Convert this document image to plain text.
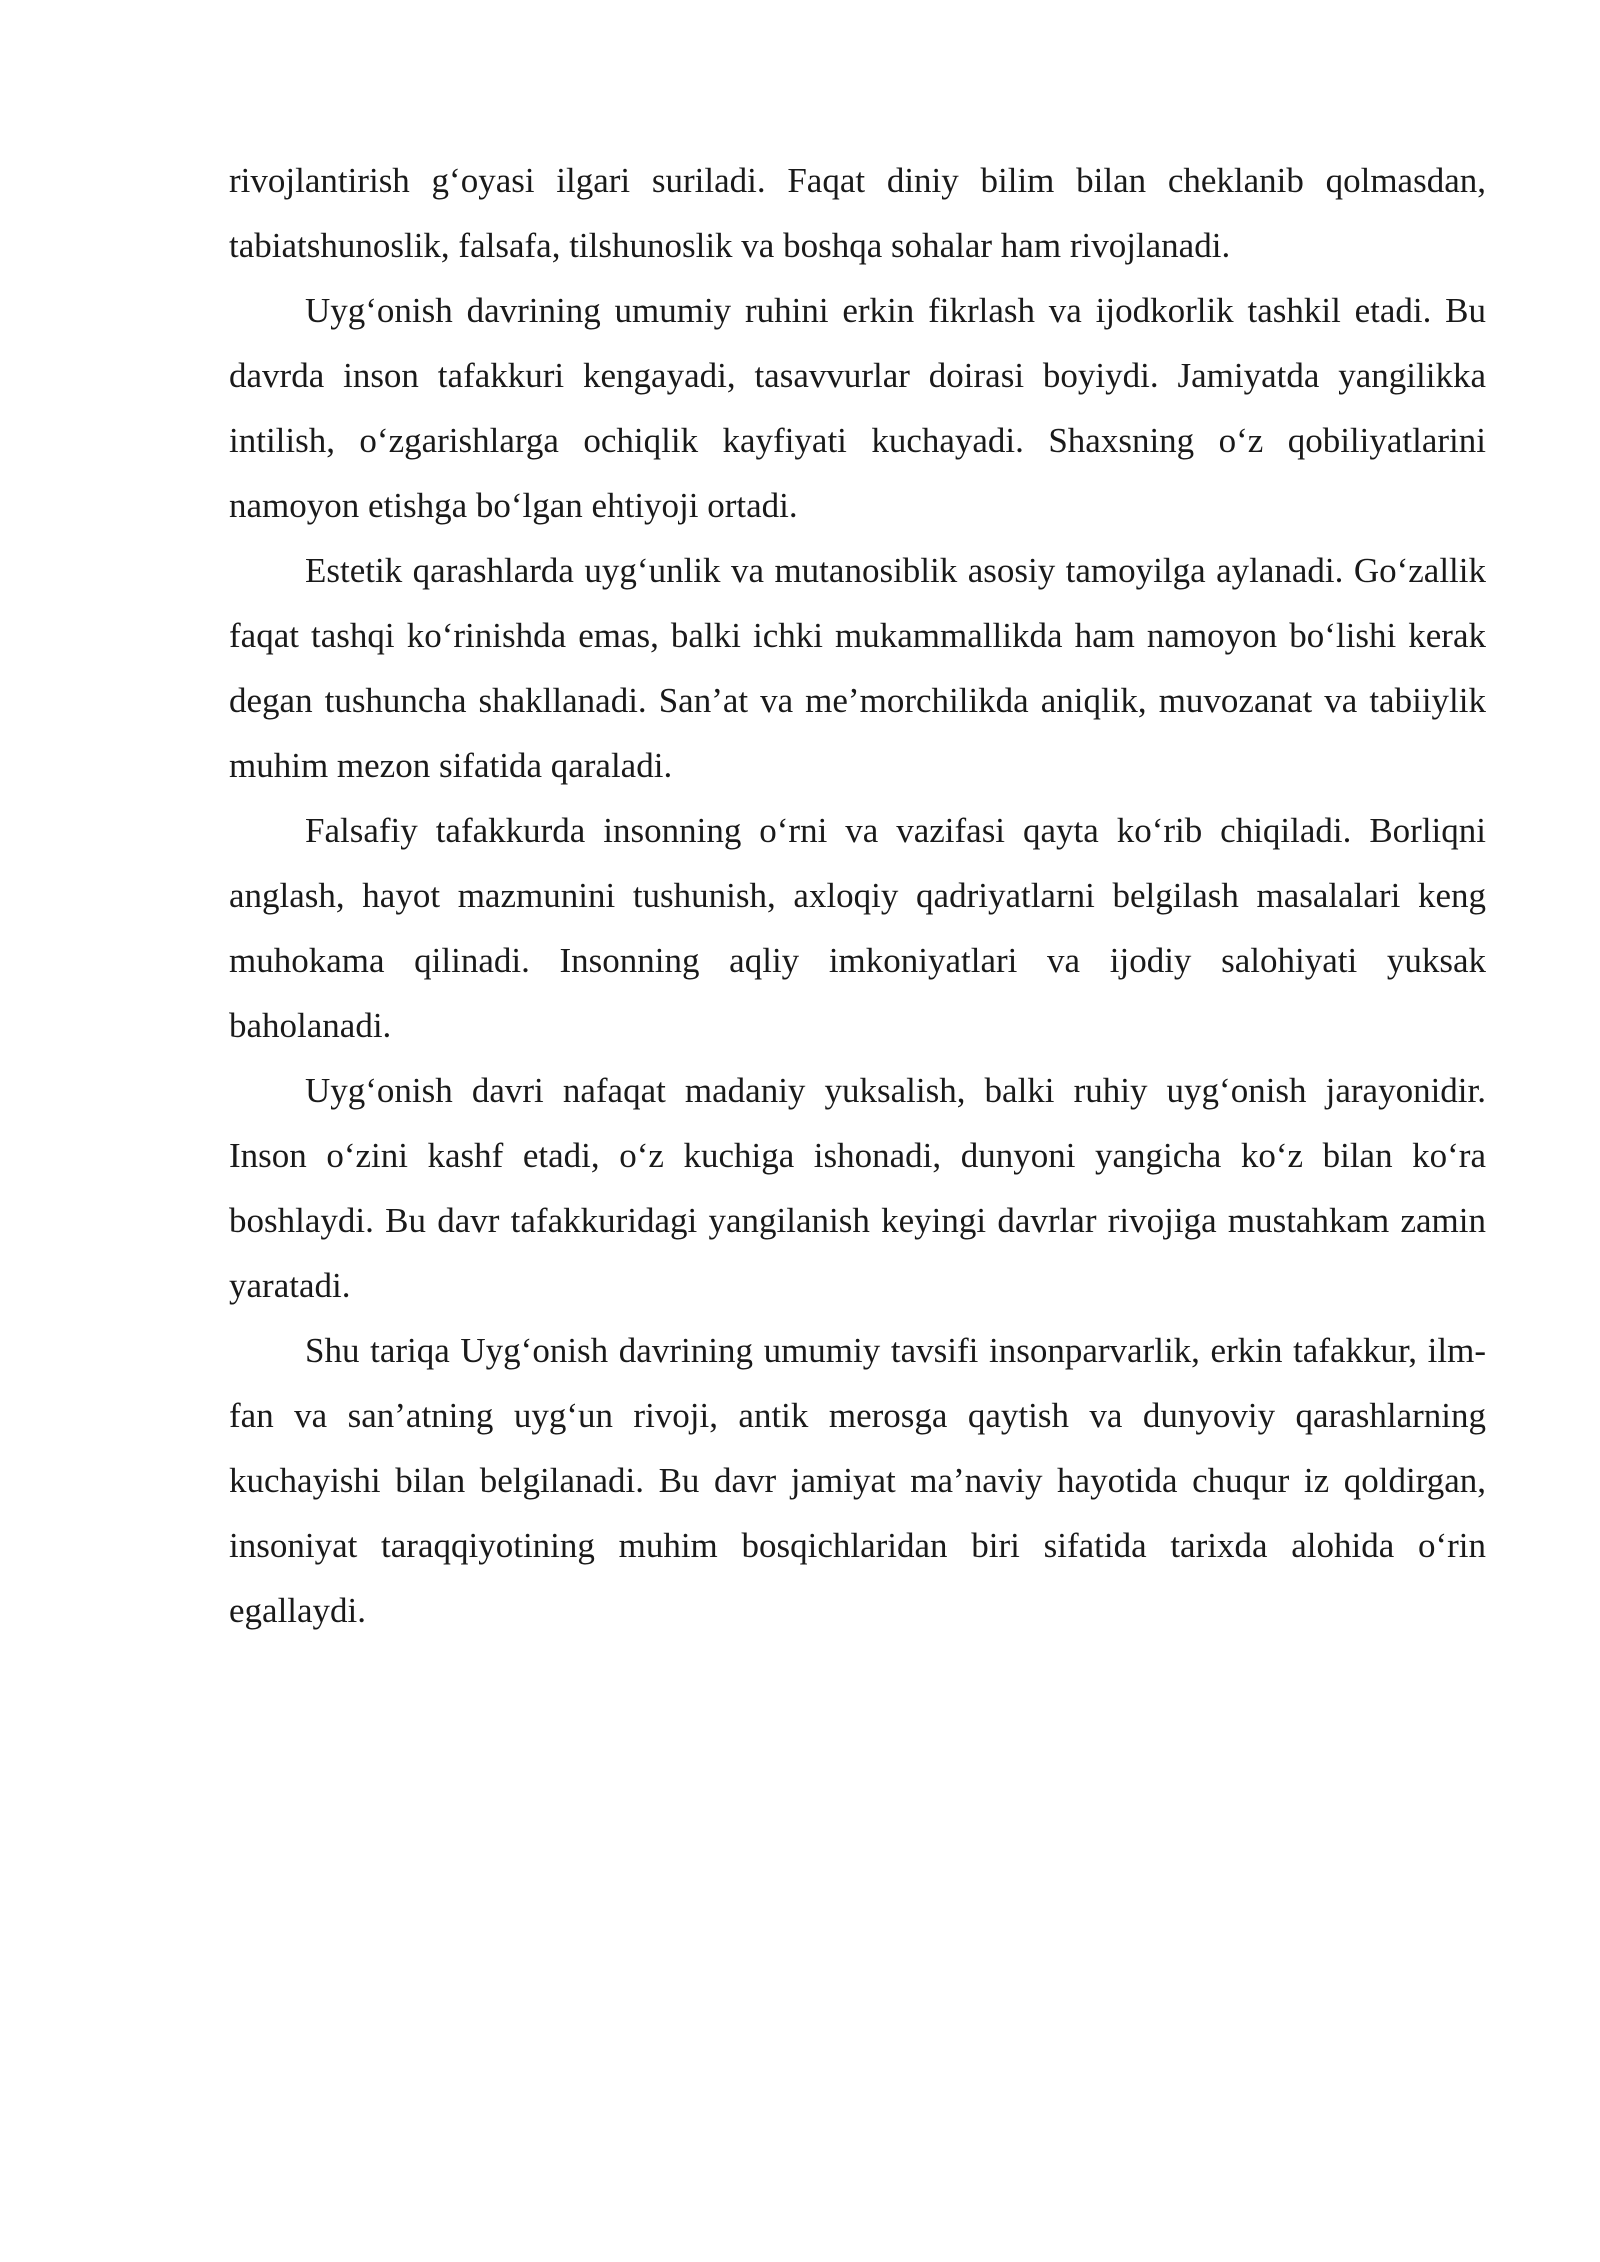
rivojlantirish g‘oyasi ilgari suriladi. Faqat diniy bilim bilan cheklanib qolmasdan, tabiatshunoslik, falsafa, tilshunoslik va boshqa sohalar ham rivojlanadi.

Uyg‘onish davrining umumiy ruhini erkin fikrlash va ijodkorlik tashkil etadi. Bu davrda inson tafakkuri kengayadi, tasavvurlar doirasi boyiydi. Jamiyatda yangilikka intilish, o‘zgarishlarga ochiqlik kayfiyati kuchayadi. Shaxsning o‘z qobiliyatlarini namoyon etishga bo‘lgan ehtiyoji ortadi.

Estetik qarashlarda uyg‘unlik va mutanosiblik asosiy tamoyilga aylanadi. Go‘zallik faqat tashqi ko‘rinishda emas, balki ichki mukammallikda ham namoyon bo‘lishi kerak degan tushuncha shakllanadi. San’at va me’morchilikda aniqlik, muvozanat va tabiiylik muhim mezon sifatida qaraladi.

Falsafiy tafakkurda insonning o‘rni va vazifasi qayta ko‘rib chiqiladi. Borliqni anglash, hayot mazmunini tushunish, axloqiy qadriyatlarni belgilash masalalari keng muhokama qilinadi. Insonning aqliy imkoniyatlari va ijodiy salohiyati yuksak baholanadi.

Uyg‘onish davri nafaqat madaniy yuksalish, balki ruhiy uyg‘onish jarayonidir. Inson o‘zini kashf etadi, o‘z kuchiga ishonadi, dunyoni yangicha ko‘z bilan ko‘ra boshlaydi. Bu davr tafakkuridagi yangilanish keyingi davrlar rivojiga mustahkam zamin yaratadi.

Shu tariqa Uyg‘onish davrining umumiy tavsifi insonparvarlik, erkin tafakkur, ilm-fan va san’atning uyg‘un rivoji, antik merosga qaytish va dunyoviy qarashlarning kuchayishi bilan belgilanadi. Bu davr jamiyat ma’naviy hayotida chuqur iz qoldirgan, insoniyat taraqqiyotining muhim bosqichlaridan biri sifatida tarixda alohida o‘rin egallaydi.
